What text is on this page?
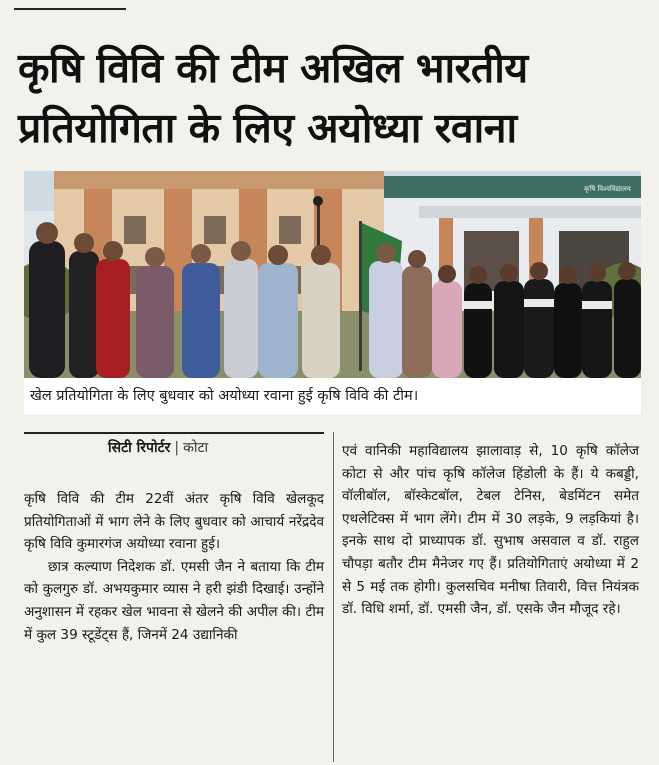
कृषि विवि की टीम अखिल भारतीय
प्रतियोगिता के लिए अयोध्या रवाना
कृषि विश्वविद्यालय
खेल प्रतियोगिता के लिए बुधवार को अयोध्या रवाना हुई कृषि विवि की टीम।
सिटी रिपोर्टर | कोटा

कृषि विवि की टीम 22वीं अंतर कृषि विवि खेलकूद प्रतियोगिताओं में भाग लेने के लिए बुधवार को आचार्य नरेंद्रदेव कृषि विवि कुमारगंज अयोध्या रवाना हुई।

छात्र कल्याण निदेशक डॉ. एमसी जैन ने बताया कि टीम को कुलगुरु डॉ. अभयकुमार व्यास ने हरी झंडी दिखाई। उन्होंने अनुशासन में रहकर खेल भावना से खेलने की अपील की। टीम में कुल 39 स्टूडेंट्स हैं, जिनमें 24 उद्यानिकी

एवं वानिकी महाविद्यालय झालावाड़ से, 10 कृषि कॉलेज कोटा से और पांच कृषि कॉलेज हिंडोली के हैं। ये कबड्डी, वॉलीबॉल, बॉस्केटबॉल, टेबल टेनिस, बेडमिंटन समेत एथलेटिक्स में भाग लेंगे। टीम में 30 लड़के, 9 लड़कियां है। इनके साथ दो प्राध्यापक डॉ. सुभाष असवाल व डॉ. राहुल चौपड़ा बतौर टीम मैनेजर गए हैं। प्रतियोगिताएं अयोध्या में 2 से 5 मई तक होगी। कुलसचिव मनीषा तिवारी, वित्त नियंत्रक डॉ. विधि शर्मा, डॉ. एमसी जैन, डॉ. एसके जैन मौजूद रहे।
